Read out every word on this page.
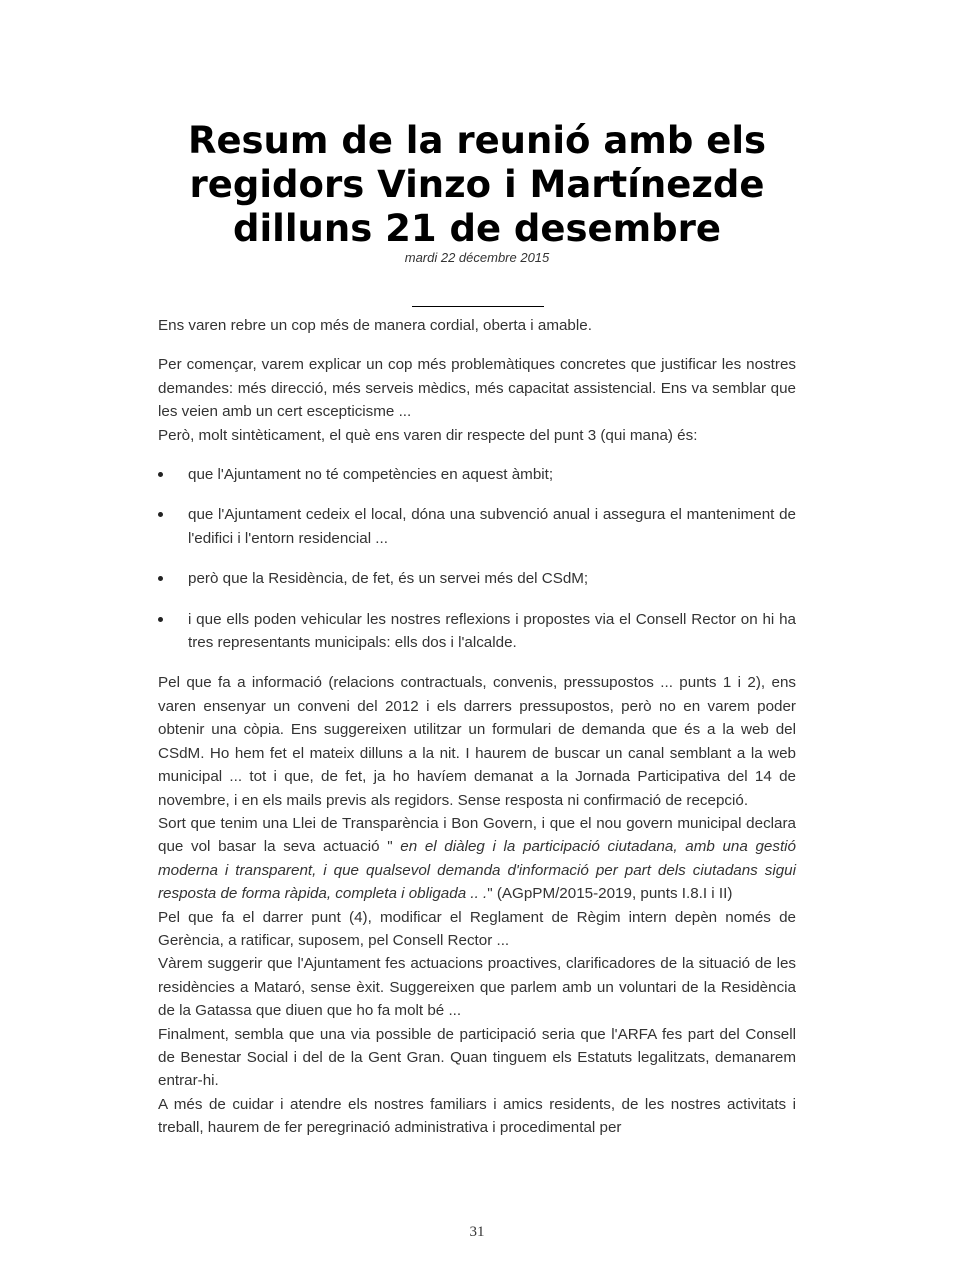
Resum de la reunió amb els regidors Vinzo i Martínezde dilluns 21 de desembre
mardi 22 décembre 2015

Ens varen rebre un cop més de manera cordial, oberta i amable.

Per començar, varem explicar un cop més problemàtiques concretes que justificar les nostres demandes: més direcció, més serveis mèdics, més capacitat assistencial. Ens va semblar que les veien amb un cert escepticisme ...

Però, molt sintèticament, el què ens varen dir respecte del punt 3 (qui mana) és:

que l'Ajuntament no té competències en aquest àmbit;
que l'Ajuntament cedeix el local, dóna una subvenció anual i assegura el manteniment de l'edifici i l'entorn residencial ...
però que la Residència, de fet, és un servei més del CSdM;
i que ells poden vehicular les nostres reflexions i propostes via el Consell Rector on hi ha tres representants municipals: ells dos i l'alcalde.

Pel que fa a informació (relacions contractuals, convenis, pressupostos ... punts 1 i 2), ens varen ensenyar un conveni del 2012 i els darrers pressupostos, però no en varem poder obtenir una còpia. Ens suggereixen utilitzar un formulari de demanda que és a la web del CSdM. Ho hem fet el mateix dilluns a la nit. I haurem de buscar un canal semblant a la web municipal ... tot i que, de fet, ja ho havíem demanat a la Jornada Participativa del 14 de novembre, i en els mails previs als regidors. Sense resposta ni confirmació de recepció.

Sort que tenim una Llei de Transparència i Bon Govern, i que el nou govern municipal declara que vol basar la seva actuació " en el diàleg i la participació ciutadana, amb una gestió moderna i transparent, i que qualsevol demanda d'informació per part dels ciutadans sigui resposta de forma ràpida, completa i obligada .. ." (AGpPM/2015-2019, punts I.8.I i II)

Pel que fa el darrer punt (4), modificar el Reglament de Règim intern depèn només de Gerència, a ratificar, suposem, pel Consell Rector ...

Vàrem suggerir que l'Ajuntament fes actuacions proactives, clarificadores de la situació de les residències a Mataró, sense èxit. Suggereixen que parlem amb un voluntari de la Residència de la Gatassa que diuen que ho fa molt bé ...

Finalment, sembla que una via possible de participació seria que l'ARFA fes part del Consell de Benestar Social i del de la Gent Gran. Quan tinguem els Estatuts legalitzats, demanarem entrar-hi.

A més de cuidar i atendre els nostres familiars i amics residents, de les nostres activitats i treball, haurem de fer peregrinació administrativa i procedimental per

31
